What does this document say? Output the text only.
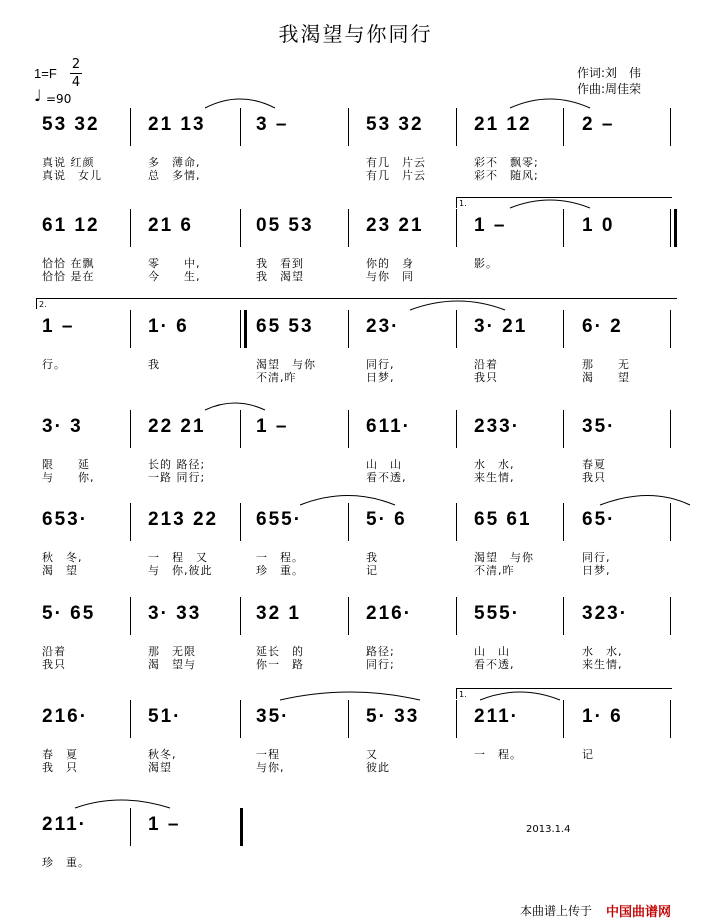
我渴望与你同行
1=F
2
4
♩ =90
作词:刘　伟
作曲:周佳荣
53 32
真说 红颜
真说　女儿
21 13
多　薄命,
总　多情,
3 –	53 32
有几　片云
有几　片云
21 12
彩不　飘零;
彩不　随风;
2 –
61 12
恰恰 在飘
恰恰 是在
21 6
零　　中,
今　　生,
05 53
我　看到
我　渴望
23 21
你的　身
与你　同
1 –
影。
1 0
1.
1 –
行。
1· 6
我
65 53
渴望　与你
不清,昨
23·
同行,
日梦,
3· 21
沿着
我只
6· 2
那　　无
渴　　望
2.
3· 3
限　　延
与　　你,
22 21
长的 路径;
一路 同行;
1 –	611·
山　山
看不透,
233·
水　水,
来生情,
35·
春夏
我只
653·
秋　冬,
渴　望
213 22
一　程　又
与　你,彼此
655·
一　程。
珍　重。
5· 6
我
记
65 61
渴望　与你
不清,昨
65·
同行,
日梦,
5· 65
沿着
我只
3· 33
那　无限
渴　望与
32 1
延长　的
你一　路
216·
路径;
同行;
555·
山　山
看不透,
323·
水　水,
来生情,
216·
春　夏
我　只
51·
秋冬,
渴望
35·
一程
与你,
5· 33
又
彼此
211·
一　程。
1· 6
记
1.
211·
珍　重。
1 –	2013.1.4
本曲谱上传于 中国曲谱网
